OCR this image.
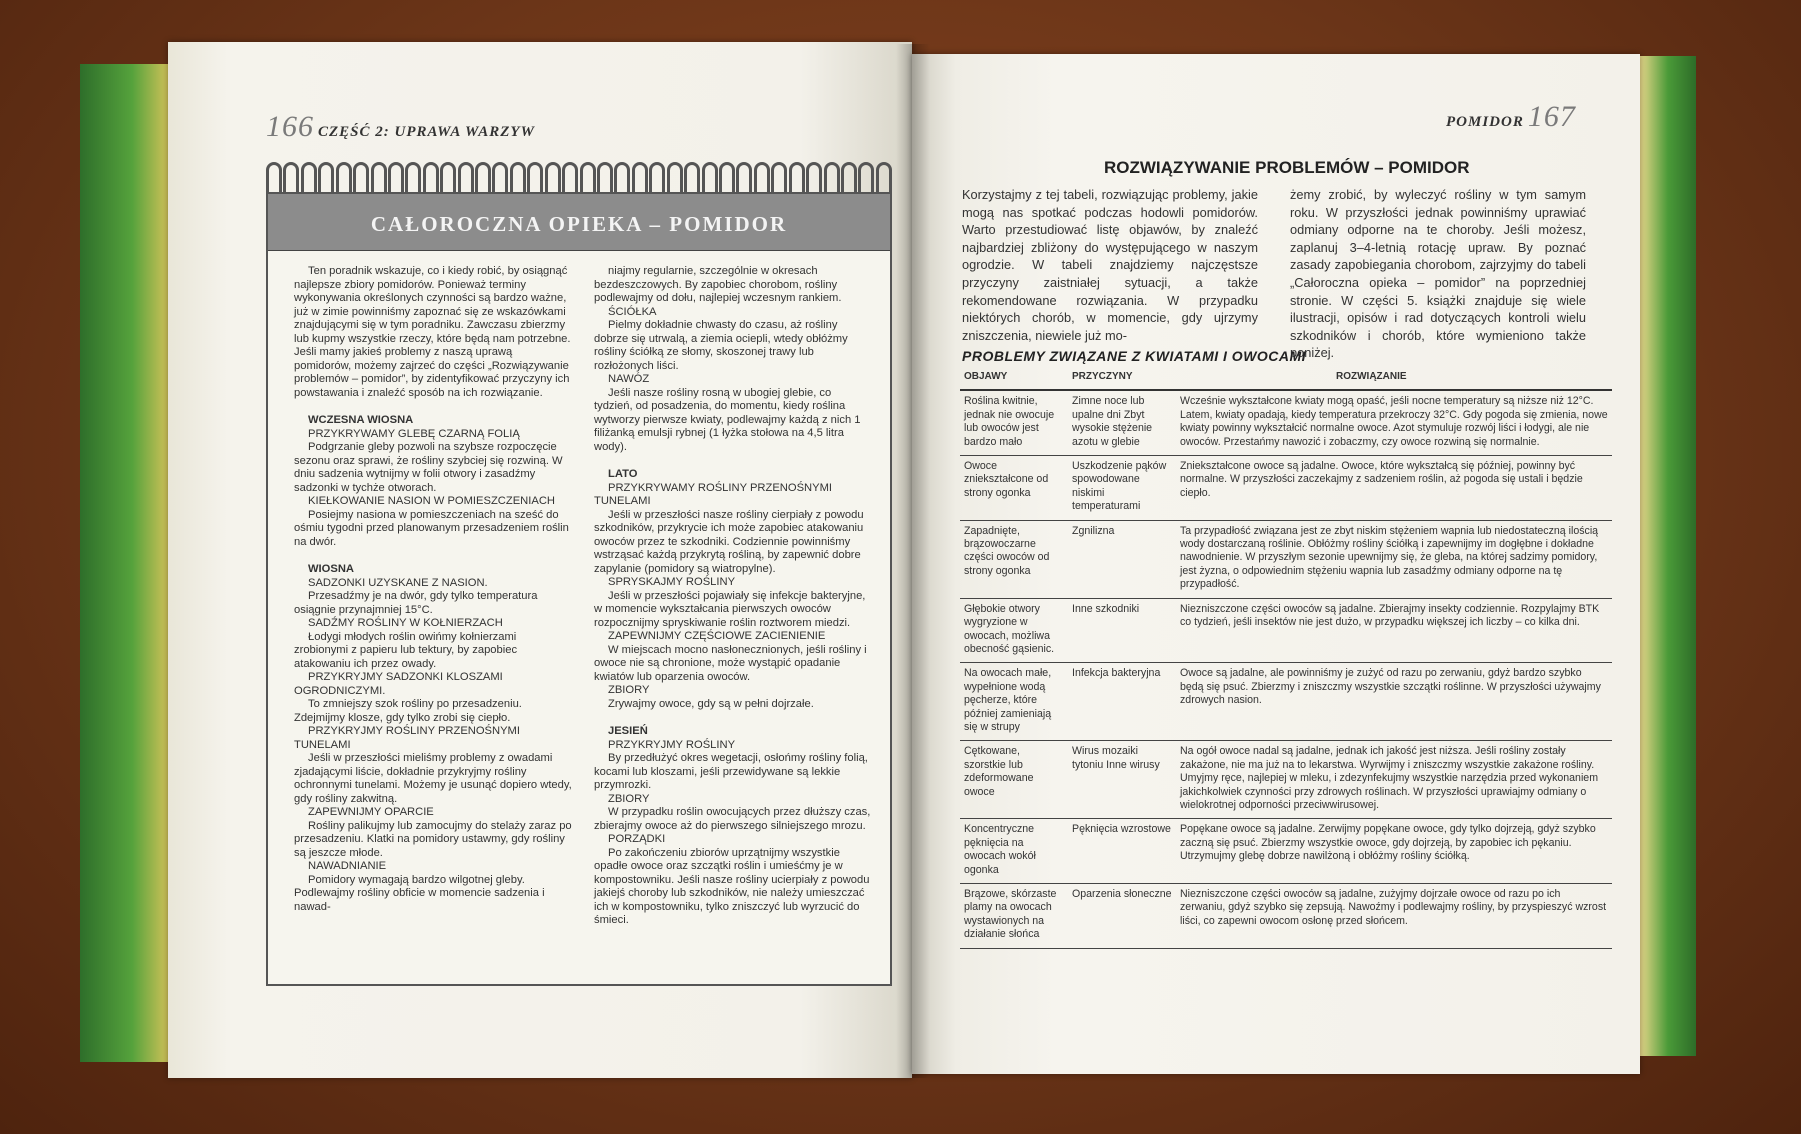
166 CZĘŚĆ 2: UPRAWA WARZYW
CAŁOROCZNA OPIEKA – POMIDOR

Ten poradnik wskazuje, co i kiedy robić, by osiągnąć najlepsze zbiory pomidorów. Ponieważ terminy wykonywania określonych czynności są bardzo ważne, już w zimie powinniśmy zapoznać się ze wskazówkami znajdującymi się w tym poradniku. Zawczasu zbierzmy lub kupmy wszystkie rzeczy, które będą nam potrzebne. Jeśli mamy jakieś problemy z naszą uprawą pomidorów, możemy zajrzeć do części „Rozwiązywanie problemów – pomidor”, by zidentyfikować przyczyny ich powstawania i znaleźć sposób na ich rozwiązanie.

WCZESNA WIOSNA

PRZYKRYWAMY GLEBĘ CZARNĄ FOLIĄ

Podgrzanie gleby pozwoli na szybsze rozpoczęcie sezonu oraz sprawi, że rośliny szybciej się rozwiną. W dniu sadzenia wytnijmy w folii otwory i zasadźmy sadzonki w tychże otworach.

KIEŁKOWANIE NASION W POMIESZCZENIACH

Posiejmy nasiona w pomieszczeniach na sześć do ośmiu tygodni przed planowanym przesadzeniem roślin na dwór.

WIOSNA

SADZONKI UZYSKANE Z NASION.

Przesadźmy je na dwór, gdy tylko temperatura osiągnie przynajmniej 15°C.

SADŹMY ROŚLINY W KOŁNIERZACH

Łodygi młodych roślin owińmy kołnierzami zrobionymi z papieru lub tektury, by zapobiec atakowaniu ich przez owady.

PRZYKRYJMY SADZONKI KLOSZAMI OGRODNICZYMI.

To zmniejszy szok rośliny po przesadzeniu. Zdejmijmy klosze, gdy tylko zrobi się ciepło.

PRZYKRYJMY ROŚLINY PRZENOŚNYMI TUNELAMI

Jeśli w przeszłości mieliśmy problemy z owadami zjadającymi liście, dokładnie przykryjmy rośliny ochronnymi tunelami. Możemy je usunąć dopiero wtedy, gdy rośliny zakwitną.

ZAPEWNIJMY OPARCIE

Rośliny palikujmy lub zamocujmy do stelaży zaraz po przesadzeniu. Klatki na pomidory ustawmy, gdy rośliny są jeszcze młode.

NAWADNIANIE

Pomidory wymagają bardzo wilgotnej gleby. Podlewajmy rośliny obficie w momencie sadzenia i nawad-

niajmy regularnie, szczególnie w okresach bezdeszczowych. By zapobiec chorobom, rośliny podlewajmy od dołu, najlepiej wczesnym rankiem.

ŚCIÓŁKA

Pielmy dokładnie chwasty do czasu, aż rośliny dobrze się utrwalą, a ziemia ociepli, wtedy obłóżmy rośliny ściółką ze słomy, skoszonej trawy lub rozłożonych liści.

NAWÓZ

Jeśli nasze rośliny rosną w ubogiej glebie, co tydzień, od posadzenia, do momentu, kiedy roślina wytworzy pierwsze kwiaty, podlewajmy każdą z nich 1 filiżanką emulsji rybnej (1 łyżka stołowa na 4,5 litra wody).

LATO

PRZYKRYWAMY ROŚLINY PRZENOŚNYMI TUNELAMI

Jeśli w przeszłości nasze rośliny cierpiały z powodu szkodników, przykrycie ich może zapobiec atakowaniu owoców przez te szkodniki. Codziennie powinniśmy wstrząsać każdą przykrytą rośliną, by zapewnić dobre zapylanie (pomidory są wiatropylne).

SPRYSKAJMY ROŚLINY

Jeśli w przeszłości pojawiały się infekcje bakteryjne, w momencie wykształcania pierwszych owoców rozpocznijmy spryskiwanie roślin roztworem miedzi.

ZAPEWNIJMY CZĘŚCIOWE ZACIENIENIE

W miejscach mocno nasłonecznionych, jeśli rośliny i owoce nie są chronione, może wystąpić opadanie kwiatów lub oparzenia owoców.

ZBIORY

Zrywajmy owoce, gdy są w pełni dojrzałe.

JESIEŃ

PRZYKRYJMY ROŚLINY

By przedłużyć okres wegetacji, osłońmy rośliny folią, kocami lub kloszami, jeśli przewidywane są lekkie przymrozki.

ZBIORY

W przypadku roślin owocujących przez dłuższy czas, zbierajmy owoce aż do pierwszego silniejszego mrozu.

PORZĄDKI

Po zakończeniu zbiorów uprzątnijmy wszystkie opadłe owoce oraz szczątki roślin i umieśćmy je w kompostowniku. Jeśli nasze rośliny ucierpiały z powodu jakiejś choroby lub szkodników, nie należy umieszczać ich w kompostowniku, tylko zniszczyć lub wyrzucić do śmieci.

POMIDOR 167
ROZWIĄZYWANIE PROBLEMÓW – POMIDOR
Korzystajmy z tej tabeli, rozwiązując problemy, jakie mogą nas spotkać podczas hodowli pomidorów. Warto przestudiować listę objawów, by znaleźć najbardziej zbliżony do występującego w naszym ogrodzie. W tabeli znajdziemy najczęstsze przyczyny zaistniałej sytuacji, a także rekomendowane rozwiązania. W przypadku niektórych chorób, w momencie, gdy ujrzymy zniszczenia, niewiele już mo-
żemy zrobić, by wyleczyć rośliny w tym samym roku. W przyszłości jednak powinniśmy uprawiać odmiany odporne na te choroby. Jeśli możesz, zaplanuj 3–4-letnią rotację upraw. By poznać zasady zapobiegania chorobom, zajrzyjmy do tabeli „Całoroczna opieka – pomidor” na poprzedniej stronie. W części 5. książki znajduje się wiele ilustracji, opisów i rad dotyczących kontroli wielu szkodników i chorób, które wymieniono także poniżej.
PROBLEMY ZWIĄZANE Z KWIATAMI I OWOCAMI
OBJAWY	PRZYCZYNY	ROZWIĄZANIE
Roślina kwitnie, jednak nie owocuje lub owoców jest bardzo mało	Zimne noce lub upalne dni Zbyt wysokie stężenie azotu w glebie	Wcześnie wykształcone kwiaty mogą opaść, jeśli nocne temperatury są niższe niż 12°C. Latem, kwiaty opadają, kiedy temperatura przekroczy 32°C. Gdy pogoda się zmienia, nowe kwiaty powinny wykształcić normalne owoce. Azot stymuluje rozwój liści i łodygi, ale nie owoców. Przestańmy nawozić i zobaczmy, czy owoce rozwiną się normalnie.
Owoce zniekształcone od strony ogonka	Uszkodzenie pąków spowodowane niskimi temperaturami	Zniekształcone owoce są jadalne. Owoce, które wykształcą się później, powinny być normalne. W przyszłości zaczekajmy z sadzeniem roślin, aż pogoda się ustali i będzie ciepło.
Zapadnięte, brązowoczarne części owoców od strony ogonka	Zgnilizna	Ta przypadłość związana jest ze zbyt niskim stężeniem wapnia lub niedostateczną ilością wody dostarczaną roślinie. Obłóżmy rośliny ściółką i zapewnijmy im dogłębne i dokładne nawodnienie. W przyszłym sezonie upewnijmy się, że gleba, na której sadzimy pomidory, jest żyzna, o odpowiednim stężeniu wapnia lub zasadźmy odmiany odporne na tę przypadłość.
Głębokie otwory wygryzione w owocach, możliwa obecność gąsienic.	Inne szkodniki	Niezniszczone części owoców są jadalne. Zbierajmy insekty codziennie. Rozpylajmy BTK co tydzień, jeśli insektów nie jest dużo, w przypadku większej ich liczby – co kilka dni.
Na owocach małe, wypełnione wodą pęcherze, które później zamieniają się w strupy	Infekcja bakteryjna	Owoce są jadalne, ale powinniśmy je zużyć od razu po zerwaniu, gdyż bardzo szybko będą się psuć. Zbierzmy i zniszczmy wszystkie szczątki roślinne. W przyszłości używajmy zdrowych nasion.
Cętkowane, szorstkie lub zdeformowane owoce	Wirus mozaiki tytoniu Inne wirusy	Na ogół owoce nadal są jadalne, jednak ich jakość jest niższa. Jeśli rośliny zostały zakażone, nie ma już na to lekarstwa. Wyrwijmy i zniszczmy wszystkie zakażone rośliny. Umyjmy ręce, najlepiej w mleku, i zdezynfekujmy wszystkie narzędzia przed wykonaniem jakichkolwiek czynności przy zdrowych roślinach. W przyszłości uprawiajmy odmiany o wielokrotnej odporności przeciwwirusowej.
Koncentryczne pęknięcia na owocach wokół ogonka	Pęknięcia wzrostowe	Popękane owoce są jadalne. Zerwijmy popękane owoce, gdy tylko dojrzeją, gdyż szybko zaczną się psuć. Zbierzmy wszystkie owoce, gdy dojrzeją, by zapobiec ich pękaniu. Utrzymujmy glebę dobrze nawilżoną i obłóżmy rośliny ściółką.
Brązowe, skórzaste plamy na owocach wystawionych na działanie słońca	Oparzenia słoneczne	Niezniszczone części owoców są jadalne, zużyjmy dojrzałe owoce od razu po ich zerwaniu, gdyż szybko się zepsują. Nawoźmy i podlewajmy rośliny, by przyspieszyć wzrost liści, co zapewni owocom osłonę przed słońcem.
